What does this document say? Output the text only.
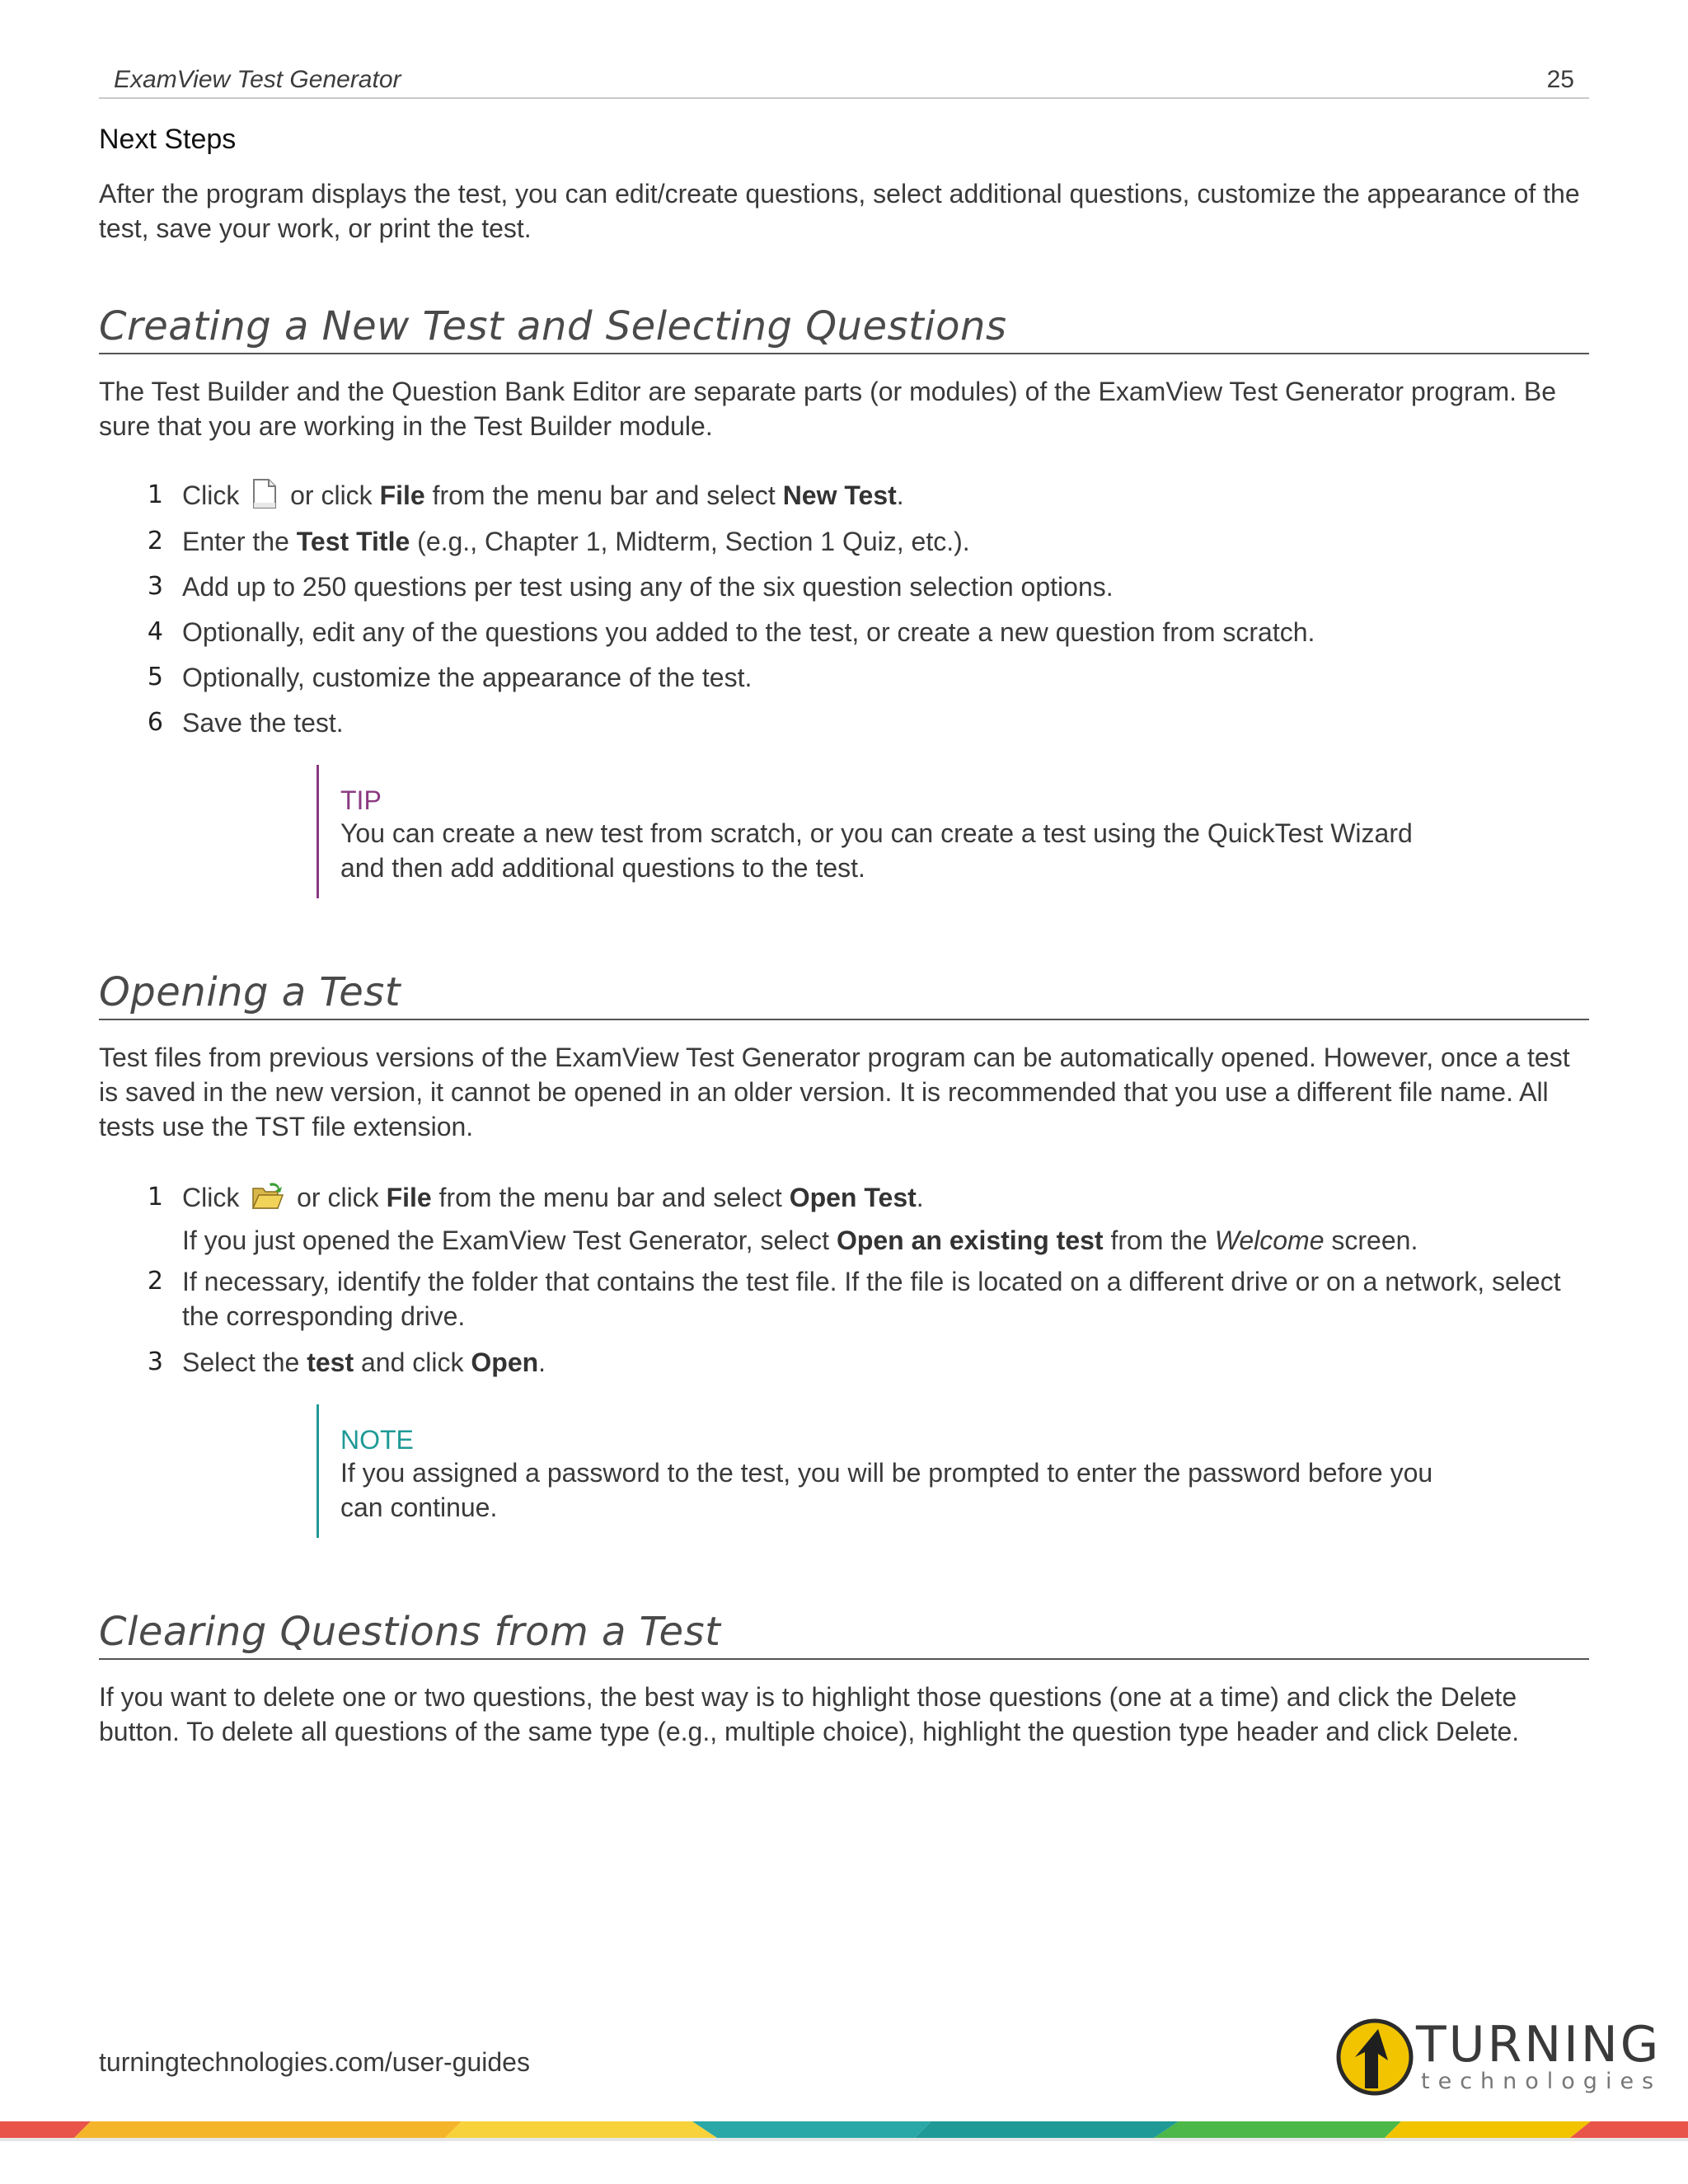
ExamView Test Generator	25
Next Steps
After the program displays the test, you can edit/create questions, select additional questions, customize the appearance of the test, save your work, or print the test.
Creating a New Test and Selecting Questions
The Test Builder and the Question Bank Editor are separate parts (or modules) of the ExamView Test Generator program. Be sure that you are working in the Test Builder module.
1 Click or click File from the menu bar and select New Test.
2 Enter the Test Title (e.g., Chapter 1, Midterm, Section 1 Quiz, etc.).
3 Add up to 250 questions per test using any of the six question selection options.
4 Optionally, edit any of the questions you added to the test, or create a new question from scratch.
5 Optionally, customize the appearance of the test.
6 Save the test.
TIP
You can create a new test from scratch, or you can create a test using the QuickTest Wizard and then add additional questions to the test.
Opening a Test
Test files from previous versions of the ExamView Test Generator program can be automatically opened. However, once a test is saved in the new version, it cannot be opened in an older version. It is recommended that you use a different file name. All tests use the TST file extension.
1 Click or click File from the menu bar and select Open Test.
If you just opened the ExamView Test Generator, select Open an existing test from the Welcome screen.
2 If necessary, identify the folder that contains the test file. If the file is located on a different drive or on a network, select the corresponding drive.
3 Select the test and click Open.
NOTE
If you assigned a password to the test, you will be prompted to enter the password before you can continue.
Clearing Questions from a Test
If you want to delete one or two questions, the best way is to highlight those questions (one at a time) and click the Delete button. To delete all questions of the same type (e.g., multiple choice), highlight the question type header and click Delete.
turningtechnologies.com/user-guides	TURNING
technologies
